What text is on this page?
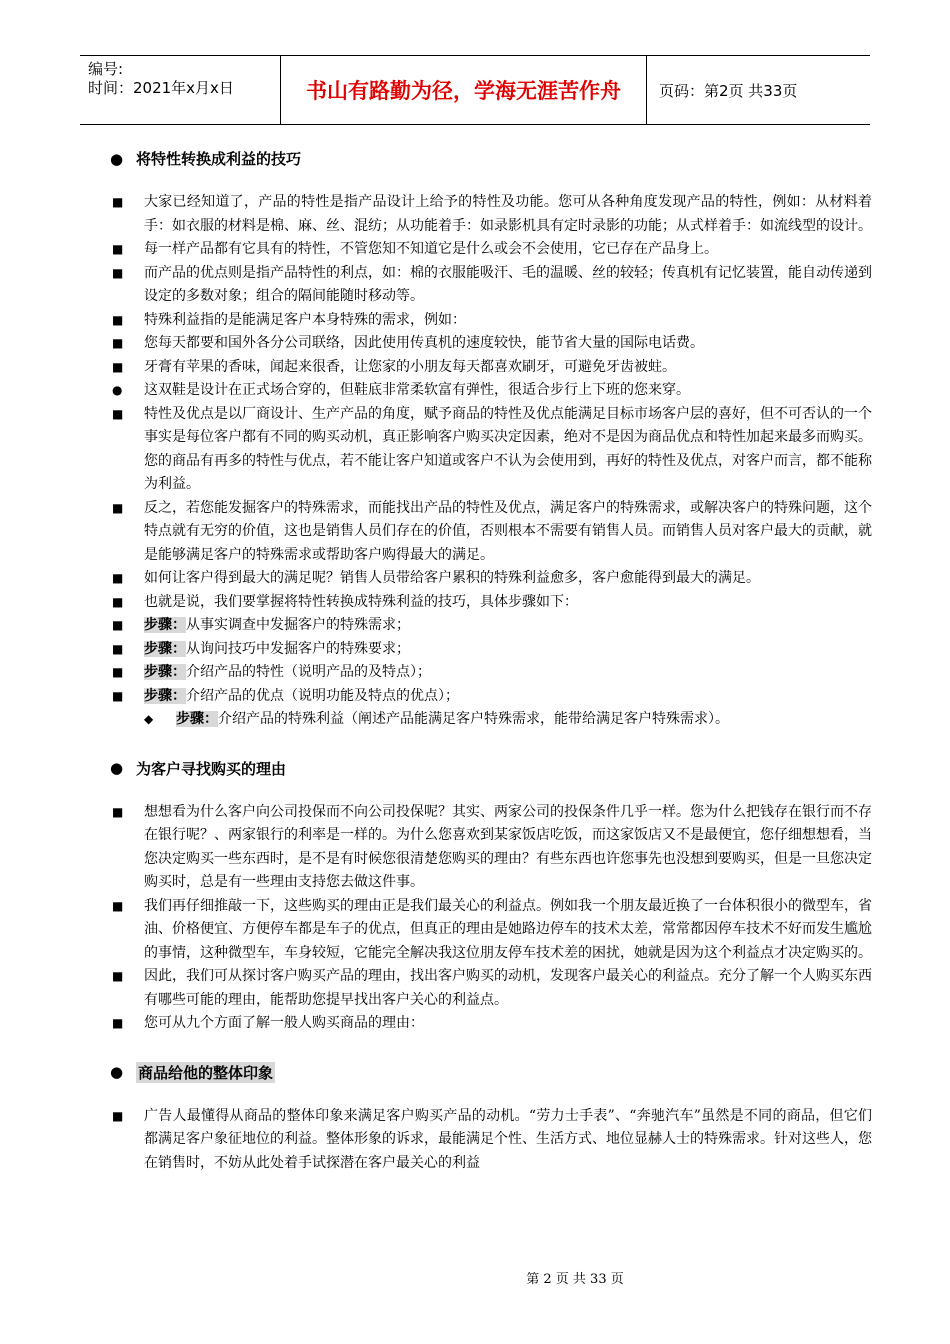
编号:
时间：2021年x月x日	书山有路勤为径，学海无涯苦作舟	页码：第2页 共33页
● 将特性转换成利益的技巧
■	大家已经知道了，产品的特性是指产品设计上给予的特性及功能。您可从各种角度发现产品的特性，例如：从材料着手：如衣服的材料是棉、麻、丝、混纺；从功能着手：如录影机具有定时录影的功能；从式样着手：如流线型的设计。
■	每一样产品都有它具有的特性，不管您知不知道它是什么或会不会使用，它已存在产品身上。
■	而产品的优点则是指产品特性的利点，如：棉的衣服能吸汗、毛的温暖、丝的较轻；传真机有记忆装置，能自动传递到设定的多数对象；组合的隔间能随时移动等。
■	特殊利益指的是能满足客户本身特殊的需求，例如：
■	您每天都要和国外各分公司联络，因此使用传真机的速度较快，能节省大量的国际电话费。
■	牙膏有苹果的香味，闻起来很香，让您家的小朋友每天都喜欢刷牙，可避免牙齿被蛀。
●	这双鞋是设计在正式场合穿的，但鞋底非常柔软富有弹性，很适合步行上下班的您来穿。
■	特性及优点是以厂商设计、生产产品的角度，赋予商品的特性及优点能满足目标市场客户层的喜好，但不可否认的一个事实是每位客户都有不同的购买动机，真正影响客户购买决定因素，绝对不是因为商品优点和特性加起来最多而购买。您的商品有再多的特性与优点，若不能让客户知道或客户不认为会使用到，再好的特性及优点，对客户而言，都不能称为利益。
■	反之，若您能发掘客户的特殊需求，而能找出产品的特性及优点，满足客户的特殊需求，或解决客户的特殊问题，这个特点就有无穷的价值，这也是销售人员们存在的价值，否则根本不需要有销售人员。而销售人员对客户最大的贡献，就是能够满足客户的特殊需求或帮助客户购得最大的满足。
■	如何让客户得到最大的满足呢？销售人员带给客户累积的特殊利益愈多，客户愈能得到最大的满足。
■	也就是说，我们要掌握将特性转换成特殊利益的技巧，具体步骤如下：
■	步骤：从事实调查中发掘客户的特殊需求；
■	步骤：从询问技巧中发掘客户的特殊要求；
■	步骤：介绍产品的特性（说明产品的及特点）；
■	步骤：介绍产品的优点（说明功能及特点的优点）；
◆	步骤：介绍产品的特殊利益（阐述产品能满足客户特殊需求，能带给满足客户特殊需求）。
● 为客户寻找购买的理由
■	想想看为什么客户向公司投保而不向公司投保呢？其实、两家公司的投保条件几乎一样。您为什么把钱存在银行而不存在银行呢？、两家银行的利率是一样的。为什么您喜欢到某家饭店吃饭，而这家饭店又不是最便宜，您仔细想想看，当您决定购买一些东西时，是不是有时候您很清楚您购买的理由？有些东西也许您事先也没想到要购买，但是一旦您决定购买时，总是有一些理由支持您去做这件事。
■	我们再仔细推敲一下，这些购买的理由正是我们最关心的利益点。例如我一个朋友最近换了一台体积很小的微型车，省油、价格便宜、方便停车都是车子的优点，但真正的理由是她路边停车的技术太差，常常都因停车技术不好而发生尴尬的事情，这种微型车，车身较短，它能完全解决我这位朋友停车技术差的困扰，她就是因为这个利益点才决定购买的。
■	因此，我们可从探讨客户购买产品的理由，找出客户购买的动机，发现客户最关心的利益点。充分了解一个人购买东西有哪些可能的理由，能帮助您提早找出客户关心的利益点。
■	您可从九个方面了解一般人购买商品的理由：
● 商品给他的整体印象
■	广告人最懂得从商品的整体印象来满足客户购买产品的动机。“劳力士手表”、“奔驰汽车”虽然是不同的商品，但它们都满足客户象征地位的利益。整体形象的诉求，最能满足个性、生活方式、地位显赫人士的特殊需求。针对这些人，您在销售时，不妨从此处着手试探潜在客户最关心的利益
第 2 页 共 33 页
